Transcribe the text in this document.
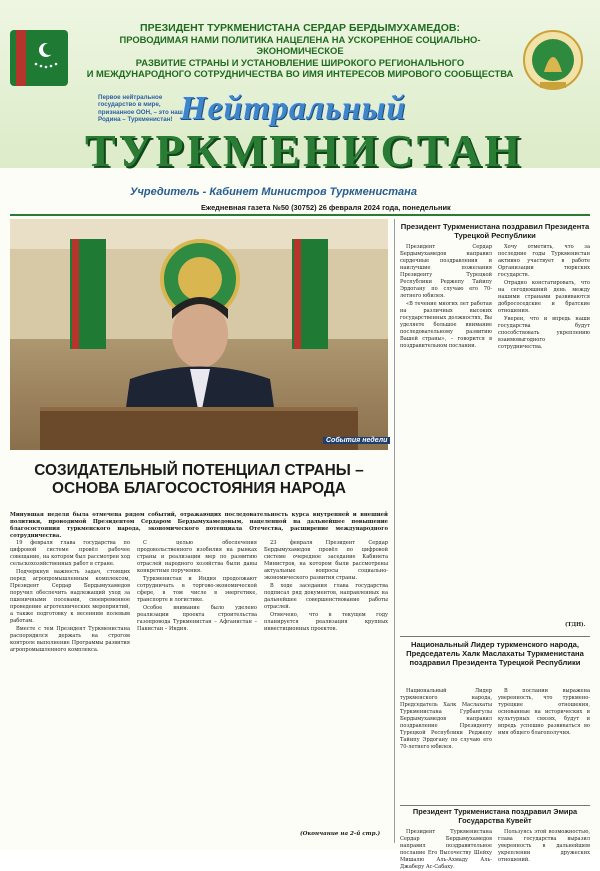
ПРЕЗИДЕНТ ТУРКМЕНИСТАНА СЕРДАР БЕРДЫМУХАМЕДОВ:
ПРОВОДИМАЯ НАМИ ПОЛИТИКА НАЦЕЛЕНА НА УСКОРЕННОЕ СОЦИАЛЬНО-ЭКОНОМИЧЕСКОЕ
РАЗВИТИЕ СТРАНЫ И УСТАНОВЛЕНИЕ ШИРОКОГО РЕГИОНАЛЬНОГО
И МЕЖДУНАРОДНОГО СОТРУДНИЧЕСТВА ВО ИМЯ ИНТЕРЕСОВ МИРОВОГО СООБЩЕСТВА
Первое нейтральное государство в мире, признанное ООН, – это наша Родина – Туркменистан! Нейтральный
ТУРКМЕНИСТАН
Учредитель - Кабинет Министров Туркменистана
Ежедневная газета №50 (30752) 26 февраля 2024 года, понедельник
События недели
СОЗИДАТЕЛЬНЫЙ ПОТЕНЦИАЛ СТРАНЫ – ОСНОВА БЛАГОСОСТОЯНИЯ НАРОДА
Минувшая неделя была отмечена рядом событий, отражающих последовательность курса внутренней и внешней политики, проводимой Президентом Сердаром Бердымухамедовым, нацеленной на дальнейшее повышение благосостояния туркменского народа, экономического потенциала Отечества, расширение международного сотрудничества.

19 февраля глава государства по цифровой системе провёл рабочее совещание, на котором был рассмотрен ход сельскохозяйственных работ в стране.

Подчеркнув важность задач, стоящих перед агропромышленным комплексом, Президент Сердар Бердымухамедов поручил обеспечить надлежащий уход за пшеничными посевами, своевременное проведение агротехнических мероприятий, а также подготовку к весенним полевым работам.

Вместе с тем Президент Туркменистана распорядился держать на строгом контроле выполнение Программы развития агропромышленного комплекса.

С целью обеспечения продовольственного изобилия на рынках страны и реализации мер по развитию отраслей народного хозяйства были даны конкретные поручения.

Туркменистан и Индия продолжают сотрудничать в торгово-экономической сфере, в том числе в энергетике, транспорте и логистике.

Особое внимание было уделено реализации проекта строительства газопровода Туркменистан – Афганистан – Пакистан – Индия.

23 февраля Президент Сердар Бердымухамедов провёл по цифровой системе очередное заседание Кабинета Министров, на котором были рассмотрены актуальные вопросы социально-экономического развития страны.

В ходе заседания глава государства подписал ряд документов, направленных на дальнейшее совершенствование работы отраслей.

Отмечено, что в текущем году планируется реализация крупных инвестиционных проектов.

(Окончание на 2-й стр.)
Президент Туркменистана поздравил Президента Турецкой Республики

Президент Сердар Бердымухамедов направил сердечные поздравления и наилучшие пожелания Президенту Турецкой Республики Реджепу Тайипу Эрдогану по случаю его 70-летнего юбилея.

«В течение многих лет работая на различных высоких государственных должностях, Вы уделяете большое внимание последовательному развитию Вашей страны», – говорится в поздравительном послании.

Хочу отметить, что за последние годы Туркменистан активно участвует в работе Организации тюркских государств.

Отрадно констатировать, что на сегодняшний день между нашими странами развиваются добрососедские и братские отношения.

Уверен, что и впредь наши государства будут способствовать укреплению взаимовыгодного сотрудничества.

(ТДН).
Национальный Лидер туркменского народа, Председатель Халк Маслахаты Туркменистана поздравил Президента Турецкой Республики

Национальный Лидер туркменского народа, Председатель Халк Маслахаты Туркменистана Гурбангулы Бердымухамедов направил поздравление Президенту Турецкой Республики Реджепу Тайипу Эрдогану по случаю его 70-летнего юбилея.

В послании выражена уверенность, что туркмено-турецкие отношения, основанные на исторических и культурных связях, будут и впредь успешно развиваться во имя общего благополучия.

Президент Туркменистана поздравил Эмира Государства Кувейт

Президент Туркменистана Сердар Бердымухамедов направил поздравительное послание Его Высочеству Шейху Мишалю Аль-Ахмаду Аль-Джаберу Ас-Сабаху.

Пользуясь этой возможностью, глава государства выразил уверенность в дальнейшем укреплении дружеских отношений.
